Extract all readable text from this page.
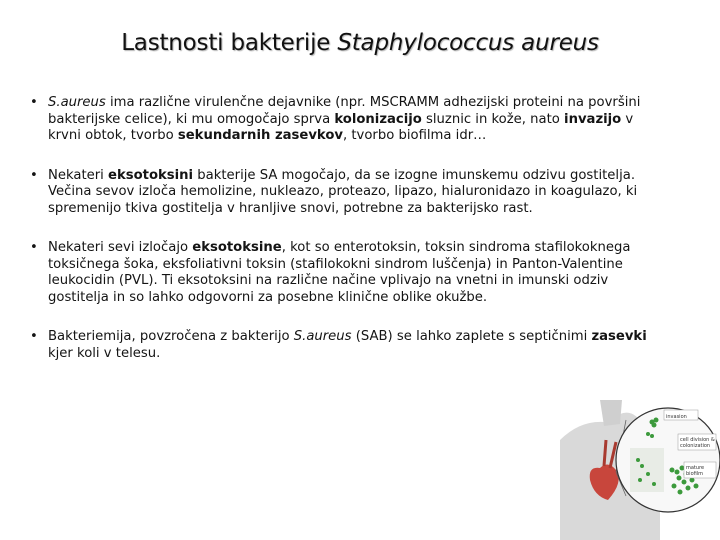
Lastnosti bakterije Staphylococcus aureus
• S.aureus ima različne virulenčne dejavnike (npr. MSCRAMM adhezijski proteini na površini bakterijske celice), ki mu omogočajo sprva kolonizacijo sluznic in kože, nato invazijo v krvni obtok, tvorbo sekundarnih zasevkov, tvorbo biofilma idr…
• Nekateri eksotoksini bakterije SA mogočajo, da se izogne imunskemu odzivu gostitelja. Večina sevov izloča hemolizine, nukleazo, proteazo, lipazo, hialuronidazo in koagulazo, ki spremenijo tkiva gostitelja v hranljive snovi, potrebne za bakterijsko rast.
• Nekateri sevi izločajo eksotoksine, kot so enterotoksin, toksin sindroma stafilokoknega toksičnega šoka, eksfoliativni toksin (stafilokokni sindrom luščenja) in Panton-Valentine leukocidin (PVL). Ti eksotoksini na različne načine vplivajo na vnetni in imunski odziv gostitelja in so lahko odgovorni za posebne klinične oblike okužbe.
• Bakteriemija, povzročena z bakterijo S.aureus (SAB) se lahko zaplete s septičnimi zasevki kjer koli v telesu.
invasion
cell division &
colonization
mature
biofilm
